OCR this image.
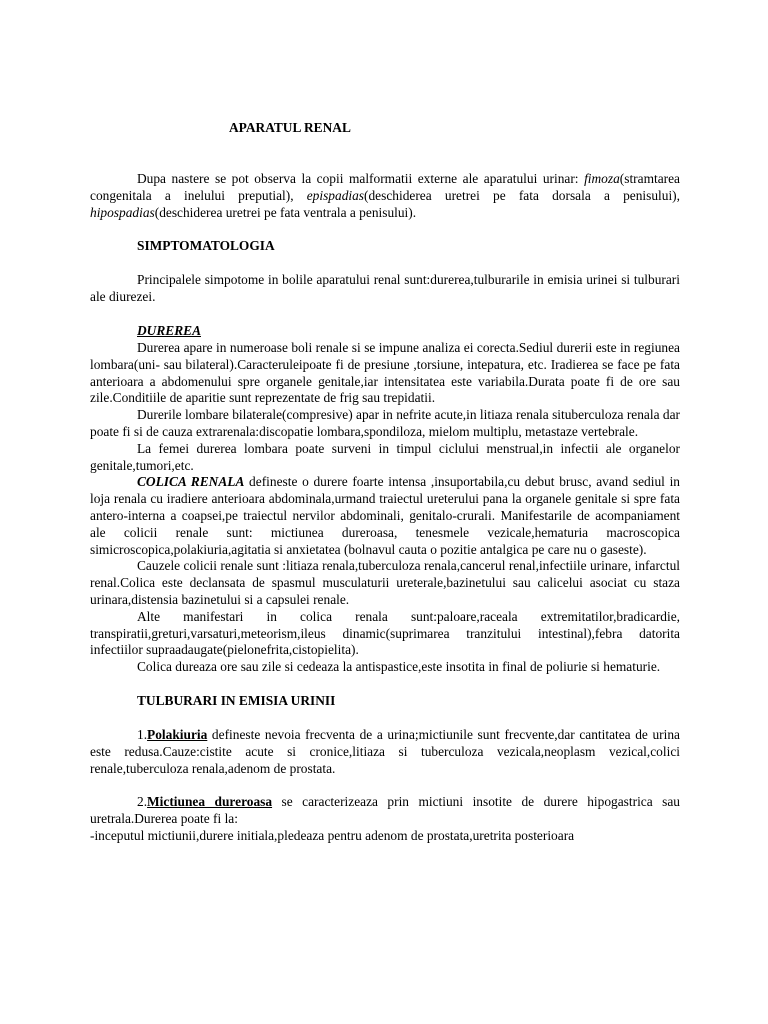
APARATUL RENAL

Dupa nastere se pot observa la copii malformatii externe ale aparatului urinar: fimoza(stramtarea congenitala a inelului preputial), epispadias(deschiderea uretrei pe fata dorsala a penisului), hipospadias(deschiderea uretrei pe fata ventrala a penisului).

SIMPTOMATOLOGIA

Principalele simpotome in bolile aparatului renal sunt:durerea,tulburarile in emisia urinei si tulburari ale diurezei.

DUREREA

Durerea apare in numeroase boli renale si se impune analiza ei corecta.Sediul durerii este in regiunea lombara(uni- sau bilateral).Caracteruleipoate fi de presiune ,torsiune, intepatura, etc. Iradierea se face pe fata anterioara a abdomenului spre organele genitale,iar intensitatea este variabila.Durata poate fi de ore sau zile.Conditiile de aparitie sunt reprezentate de frig sau trepidatii.

Durerile lombare bilaterale(compresive) apar in nefrite acute,in litiaza renala situberculoza renala dar poate fi si de cauza extrarenala:discopatie lombara,spondiloza, mielom multiplu, metastaze vertebrale.

La femei durerea lombara poate surveni in timpul ciclului menstrual,in infectii ale organelor genitale,tumori,etc.

COLICA RENALA defineste o durere foarte intensa ,insuportabila,cu debut brusc, avand sediul in loja renala cu iradiere anterioara abdominala,urmand traiectul ureterului pana la organele genitale si spre fata antero-interna a coapsei,pe traiectul nervilor abdominali, genitalo-crurali. Manifestarile de acompaniament ale colicii renale sunt: mictiunea dureroasa, tenesmele vezicale,hematuria macroscopica simicroscopica,polakiuria,agitatia si anxietatea (bolnavul cauta o pozitie antalgica pe care nu o gaseste).

Cauzele colicii renale sunt :litiaza renala,tuberculoza renala,cancerul renal,infectiile urinare, infarctul renal.Colica este declansata de spasmul musculaturii ureterale,bazinetului sau calicelui asociat cu staza urinara,distensia bazinetului si a capsulei renale.

Alte manifestari in colica renala sunt:paloare,raceala extremitatilor,bradicardie, transpiratii,greturi,varsaturi,meteorism,ileus dinamic(suprimarea tranzitului intestinal),febra datorita infectiilor supraadaugate(pielonefrita,cistopielita).

Colica dureaza ore sau zile si cedeaza la antispastice,este insotita in final de poliurie si hematurie.

TULBURARI IN EMISIA URINII

1.Polakiuria defineste nevoia frecventa de a urina;mictiunile sunt frecvente,dar cantitatea de urina este redusa.Cauze:cistite acute si cronice,litiaza si tuberculoza vezicala,neoplasm vezical,colici renale,tuberculoza renala,adenom de prostata.

2.Mictiunea dureroasa se caracterizeaza prin mictiuni insotite de durere hipogastrica sau uretrala.Durerea poate fi la:

-inceputul mictiunii,durere initiala,pledeaza pentru adenom de prostata,uretrita posterioara
